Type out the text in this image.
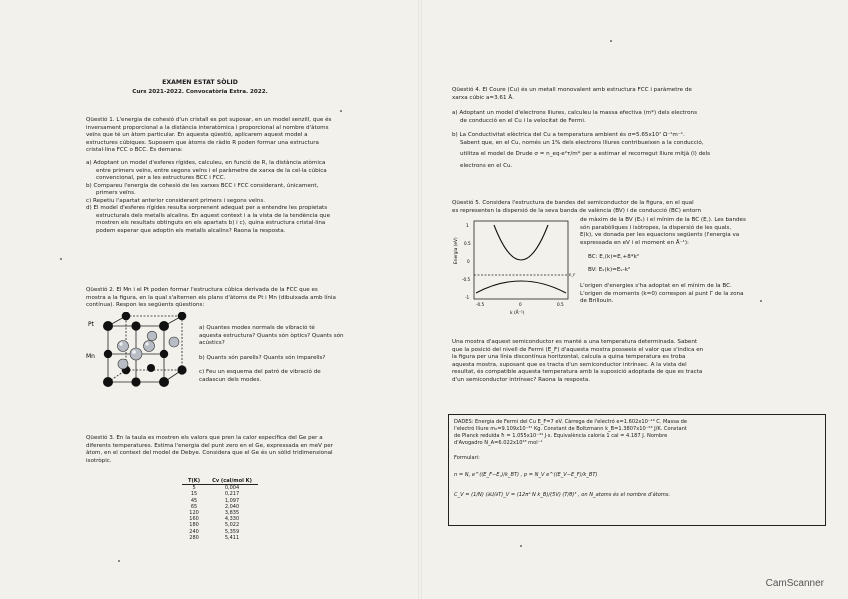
EXAMEN ESTAT SÒLID
Curs 2021-2022. Convocatòria Extra. 2022.
Qüestió 1. L'energia de cohesió d'un cristall es pot suposar, en un model senzill, que és
inversament proporcional a la distància interatòmica i proporcional al nombre d'àtoms
veïns que té un àtom particular. En aquesta qüestió, aplicarem aquest model a
estructures cúbiques. Suposem que àtoms de ràdio R poden formar una estructura
cristal·lina FCC o BCC. Es demana:
a) Adoptant un model d'esferes rígides, calculeu, en funció de R, la distància atòmica
entre primers veïns, entre segons veïns i el paràmetre de xarxa de la cel·la cúbica
convencional, per a les estructures BCC i FCC.
b) Compareu l'energia de cohesió de les xarxes BCC i FCC considerant, únicament,
primers veïns.
c) Repetiu l'apartat anterior considerant primers i segons veïns.
d) El model d'esferes rígides resulta sorprenent adequat per a entendre les propietats
estructurals dels metalls alcalins. En aquest context i a la vista de la tendència que
mostren els resultats obtinguts en els apartats b) i c), quina estructura cristal·lina
podem esperar que adoptin els metalls alcalins? Raona la resposta.
Qüestió 2. El Mn i el Pt poden formar l'estructura cúbica derivada de la FCC que es
mostra a la figura, en la qual s'alternen els plans d'àtoms de Pt i Mn (dibuixada amb línia
contínua). Respon les següents qüestions:
Pt
Mn
a) Quantes modes normals de vibració té
aquesta estructura? Quants són òptics? Quants són
acústics?
b) Quants són parells? Quants són imparells?
c) Feu un esquema del patró de vibració de
cadascun dels modes.
Qüestió 3. En la taula es mostren els valors que pren la calor específica del Ge per a
diferents temperatures. Estima l'energia del punt zero en el Ge, expressada en meV per
àtom, en el context del model de Debye. Considera que el Ge és un sòlid tridimensional
isotròpic.
T(K)	Cv (cal/mol K)
5	0,004
15	0,217
45	1,097
65	2,040
120	3,835
160	4,330
180	5,022
240	5,359
280	5,411
Qüestió 4. El Coure (Cu) és un metall monovalent amb estructura FCC i paràmetre de
xarxa cúbic a=3.61 Å.
a) Adoptant un model d'electrons lliures, calculeu la massa efectiva (m*) dels electrons
de conducció en el Cu i la velocitat de Fermi.
b) La Conductivitat elèctrica del Cu a temperatura ambient és σ=5.65x10⁷ Ω⁻¹m⁻¹.
Sabent que, en el Cu, només un 1% dels electrons lliures contribueixen a la conducció,
utilitza el model de Drude σ = n_eq·e²τ/m* per a estimar el recorregut lliure mitjà (l) dels
electrons en el Cu.
Qüestió 5. Considera l'estructura de bandes del semiconductor de la figura, en el qual
es representen la dispersió de la seva banda de valència (BV) i de conducció (BC) entorn
Energia (eV)
1
0.5
0
-0.5
-1
-0.5	0	0.5
k (Å⁻¹)
E_F
de màxim de la BV (Eᵥ) i el mínim de la BC (E꜀). Les bandes
són parabòliques i isòtropes, la dispersió de les quals,
E(k), ve donada per les equacions següents (l'energia va
expressada en eV i el moment en Å⁻¹):
BC: E꜀(k)=E꜀+8*k²
BV: Eᵥ(k)=Eᵥ-k²
L'origen d'energies s'ha adoptat en el mínim de la BC.
L'origen de moments (k=0) correspon al punt Γ de la zona
de Brillouin.
Una mostra d'aquest semiconductor es manté a una temperatura determinada. Sabent
que la posició del nivell de Fermi (E_F) d'aquesta mostra posseeix el valor que s'indica en
la figura per una línia discontínua horitzontal, calcula a quina temperatura es troba
aquesta mostra, suposant que es tracta d'un semiconductor intrínsec. A la vista del
resultat, és compatible aquesta temperatura amb la suposició adoptada de que es tracta
d'un semiconductor intrínsec? Raona la resposta.
DADES: Energia de Fermi del Cu E_F=7 eV. Càrrega de l'electró e=1.602x10⁻¹⁹ C. Massa de
l'electró lliure m₀=9.109x10⁻³¹ Kg. Constant de Boltzmann k_B=1.3807x10⁻²³ J/K. Constant
de Planck reduïda ħ = 1.055x10⁻³⁴ J·s. Equivalència caloria 1 cal = 4.187 J. Nombre
d'Avogadro N_A=6.022x10²³ mol⁻¹
Formulari:
n = N꜀ e^((E_F−E꜀)/k_BT) , p = N_V e^((E_V−E_F)/k_BT)
C_V = (1/N) (∂U/∂T)_V = (12π⁴ N k_B)/(5V) (T/θ)³ , on N_atoms és el nombre d'àtoms.
CamScanner
